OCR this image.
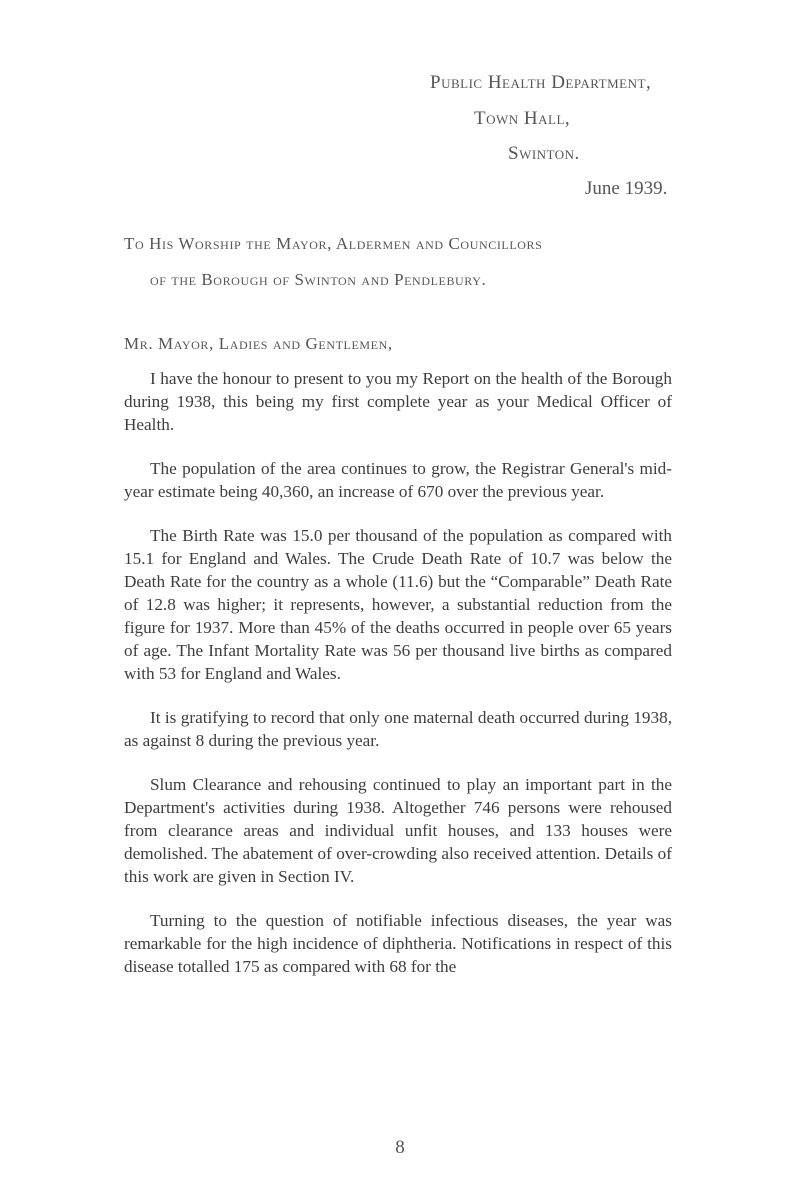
Public Health Department,
Town Hall,
Swinton.
June 1939.
To His Worship the Mayor, Aldermen and Councillors
of the Borough of Swinton and Pendlebury.
Mr. Mayor, Ladies and Gentlemen,

I have the honour to present to you my Report on the health of the Borough during 1938, this being my first complete year as your Medical Officer of Health.

The population of the area continues to grow, the Registrar General's mid-year estimate being 40,360, an increase of 670 over the previous year.

The Birth Rate was 15.0 per thousand of the population as compared with 15.1 for England and Wales. The Crude Death Rate of 10.7 was below the Death Rate for the country as a whole (11.6) but the “Comparable” Death Rate of 12.8 was higher; it represents, however, a substantial reduction from the figure for 1937. More than 45% of the deaths occurred in people over 65 years of age. The Infant Mortality Rate was 56 per thousand live births as compared with 53 for England and Wales.

It is gratifying to record that only one maternal death occurred during 1938, as against 8 during the previous year.

Slum Clearance and rehousing continued to play an important part in the Department's activities during 1938. Altogether 746 persons were rehoused from clearance areas and individual unfit houses, and 133 houses were demolished. The abatement of over-crowding also received attention. Details of this work are given in Section IV.

Turning to the question of notifiable infectious diseases, the year was remarkable for the high incidence of diphtheria. Notifications in respect of this disease totalled 175 as compared with 68 for the

8
